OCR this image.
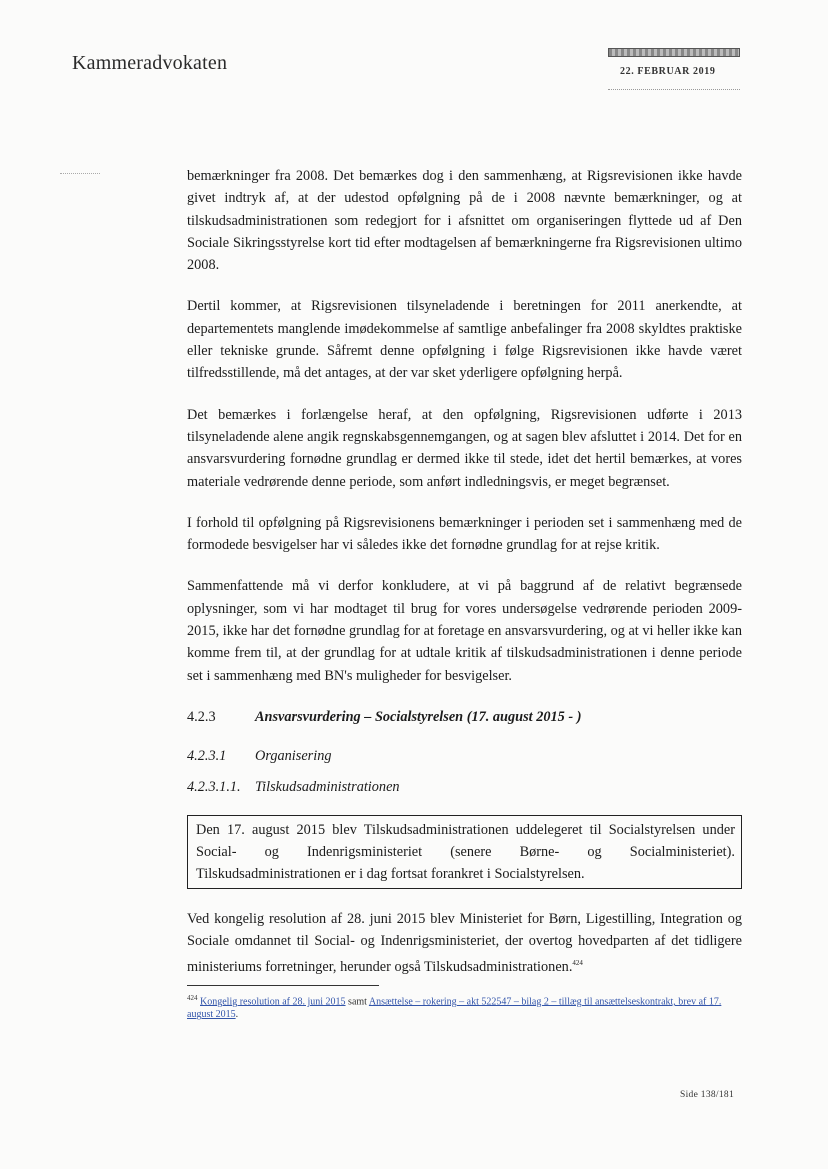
Kammeradvokaten	22. FEBRUAR 2019

bemærkninger fra 2008. Det bemærkes dog i den sammenhæng, at Rigsrevisionen ikke havde givet indtryk af, at der udestod opfølgning på de i 2008 nævnte bemærkninger, og at tilskudsadministrationen som redegjort for i afsnittet om organiseringen flyttede ud af Den Sociale Sikringsstyrelse kort tid efter modtagelsen af bemærkningerne fra Rigsrevisionen ultimo 2008.

Dertil kommer, at Rigsrevisionen tilsyneladende i beretningen for 2011 anerkendte, at departementets manglende imødekommelse af samtlige anbefalinger fra 2008 skyldtes praktiske eller tekniske grunde. Såfremt denne opfølgning i følge Rigsrevisionen ikke havde været tilfredsstillende, må det antages, at der var sket yderligere opfølgning herpå.

Det bemærkes i forlængelse heraf, at den opfølgning, Rigsrevisionen udførte i 2013 tilsyneladende alene angik regnskabsgennemgangen, og at sagen blev afsluttet i 2014. Det for en ansvarsvurdering fornødne grundlag er dermed ikke til stede, idet det hertil bemærkes, at vores materiale vedrørende denne periode, som anført indledningsvis, er meget begrænset.

I forhold til opfølgning på Rigsrevisionens bemærkninger i perioden set i sammenhæng med de formodede besvigelser har vi således ikke det fornødne grundlag for at rejse kritik.

Sammenfattende må vi derfor konkludere, at vi på baggrund af de relativt begrænsede oplysninger, som vi har modtaget til brug for vores undersøgelse vedrørende perioden 2009-2015, ikke har det fornødne grundlag for at foretage en ansvarsvurdering, og at vi heller ikke kan komme frem til, at der grundlag for at udtale kritik af tilskudsadministrationen i denne periode set i sammenhæng med BN's muligheder for besvigelser.

4.2.3	Ansvarsvurdering – Socialstyrelsen (17. august 2015 - )
4.2.3.1 Organisering
4.2.3.1.1. Tilskudsadministrationen
Den 17. august 2015 blev Tilskudsadministrationen uddelegeret til Socialstyrelsen under Social- og Indenrigsministeriet (senere Børne- og Socialministeriet). Tilskudsadministrationen er i dag fortsat forankret i Socialstyrelsen.

Ved kongelig resolution af 28. juni 2015 blev Ministeriet for Børn, Ligestilling, Integration og Sociale omdannet til Social- og Indenrigsministeriet, der overtog hovedparten af det tidligere ministeriums forretninger, herunder også Tilskudsadministrationen.$^{424}$

$^{424}$ Kongelig resolution af 28. juni 2015 samt Ansættelse – rokering – akt 522547 – bilag 2 – tillæg til ansættelseskontrakt, brev af 17. august 2015.
Side 138/181
